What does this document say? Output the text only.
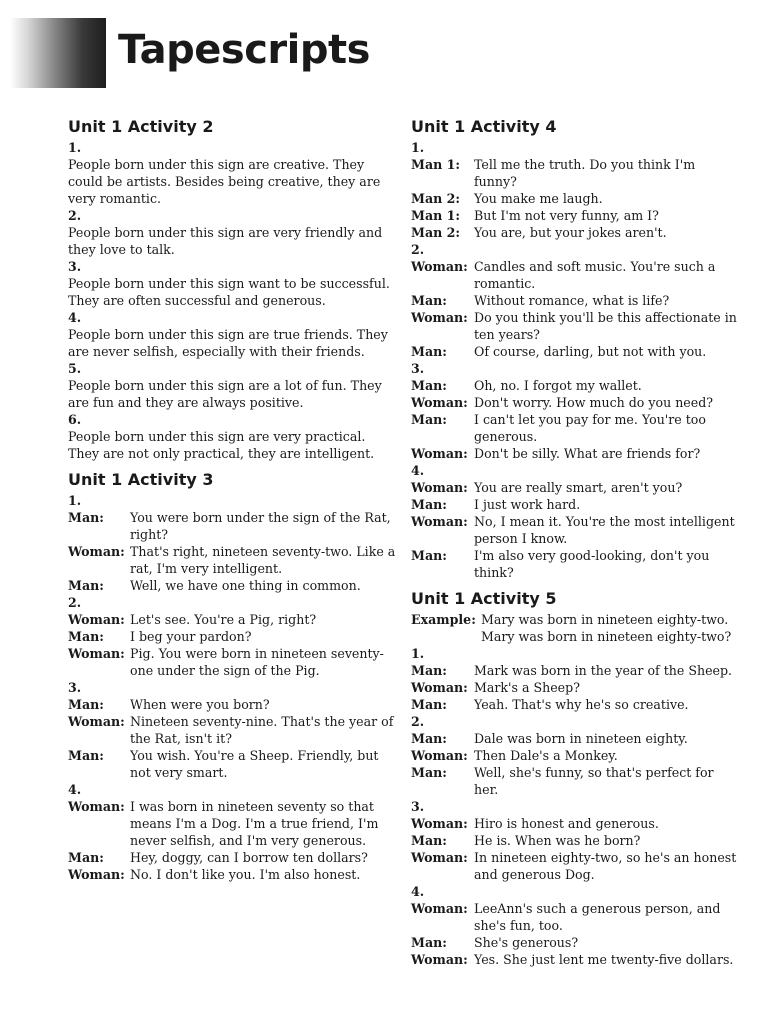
Tapescripts
Unit 1 Activity 2
1.
People born under this sign are creative. They could be artists. Besides being creative, they are very romantic.
2.
People born under this sign are very friendly and they love to talk.
3.
People born under this sign want to be successful. They are often successful and generous.
4.
People born under this sign are true friends. They are never selfish, especially with their friends.
5.
People born under this sign are a lot of fun. They are fun and they are always positive.
6.
People born under this sign are very practical. They are not only practical, they are intelligent.
Unit 1 Activity 3
1.
Man:	You were born under the sign of the Rat, right?
Woman: That's right, nineteen seventy-two. Like a rat, I'm very intelligent.
Man:	Well, we have one thing in common.
2.
Woman: Let's see. You're a Pig, right?
Man:	I beg your pardon?
Woman: Pig. You were born in nineteen seventy-one under the sign of the Pig.
3.
Man:	When were you born?
Woman: Nineteen seventy-nine. That's the year of the Rat, isn't it?
Man:	You wish. You're a Sheep. Friendly, but not very smart.
4.
Woman: I was born in nineteen seventy so that means I'm a Dog. I'm a true friend, I'm never selfish, and I'm very generous.
Man:	Hey, doggy, can I borrow ten dollars?
Woman: No. I don't like you. I'm also honest.
Unit 1 Activity 4
1.
Man 1:	Tell me the truth. Do you think I'm funny?
Man 2:	You make me laugh.
Man 1:	But I'm not very funny, am I?
Man 2:	You are, but your jokes aren't.
2.
Woman: Candles and soft music. You're such a romantic.
Man:	Without romance, what is life?
Woman: Do you think you'll be this affectionate in ten years?
Man:	Of course, darling, but not with you.
3.
Man:	Oh, no. I forgot my wallet.
Woman: Don't worry. How much do you need?
Man:	I can't let you pay for me. You're too generous.
Woman: Don't be silly. What are friends for?
4.
Woman: You are really smart, aren't you?
Man:	I just work hard.
Woman: No, I mean it. You're the most intelligent person I know.
Man:	I'm also very good-looking, don't you think?
Unit 1 Activity 5
Example: Mary was born in nineteen eighty-two.
Mary was born in nineteen eighty-two?
1.
Man:	Mark was born in the year of the Sheep.
Woman: Mark's a Sheep?
Man:	Yeah. That's why he's so creative.
2.
Man:	Dale was born in nineteen eighty.
Woman: Then Dale's a Monkey.
Man:	Well, she's funny, so that's perfect for her.
3.
Woman: Hiro is honest and generous.
Man:	He is. When was he born?
Woman: In nineteen eighty-two, so he's an honest and generous Dog.
4.
Woman: LeeAnn's such a generous person, and she's fun, too.
Man:	She's generous?
Woman: Yes. She just lent me twenty-five dollars.
